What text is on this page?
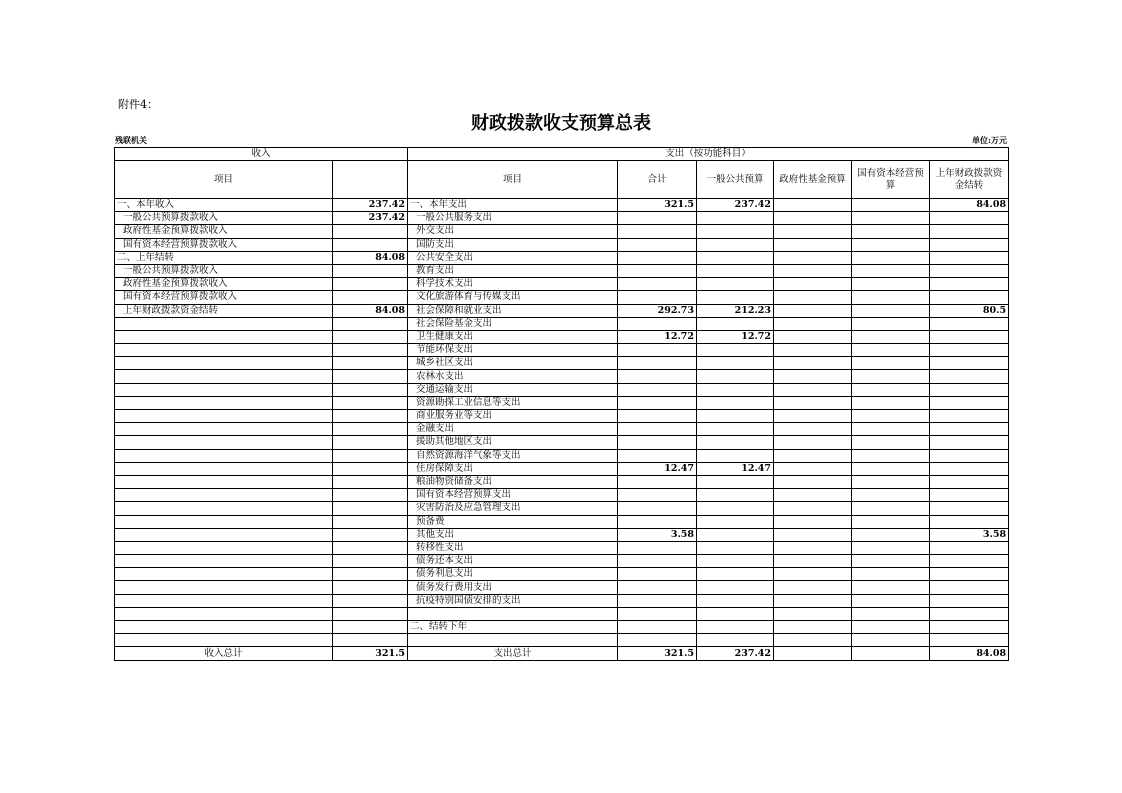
附件4：
财政拨款收支预算总表
残联机关	单位:万元
收入		支出（按功能科目）					
项目		项目	合计	一般公共预算	政府性基金预算	国有资本经营预算	上年财政拨款资金结转
一、本年收入	237.42	一、本年支出	321.5	237.42			84.08
一般公共预算拨款收入	237.42	一般公共服务支出					
政府性基金预算拨款收入		外交支出					
国有资本经营预算拨款收入		国防支出					
二、上年结转	84.08	公共安全支出					
一般公共预算拨款收入		教育支出					
政府性基金预算拨款收入		科学技术支出					
国有资本经营预算拨款收入		文化旅游体育与传媒支出					
上年财政拨款资金结转	84.08	社会保障和就业支出	292.73	212.23			80.5
		社会保险基金支出					
		卫生健康支出	12.72	12.72			
		节能环保支出					
		城乡社区支出					
		农林水支出					
		交通运输支出					
		资源勘探工业信息等支出					
		商业服务业等支出					
		金融支出					
		援助其他地区支出					
		自然资源海洋气象等支出					
		住房保障支出	12.47	12.47			
		粮油物资储备支出					
		国有资本经营预算支出					
		灾害防治及应急管理支出					
		预备费					
		其他支出	3.58				3.58
		转移性支出					
		债务还本支出					
		债务利息支出					
		债务发行费用支出					
		抗疫特别国债安排的支出					

		二、结转下年					

收入总计	321.5	支出总计	321.5	237.42			84.08
